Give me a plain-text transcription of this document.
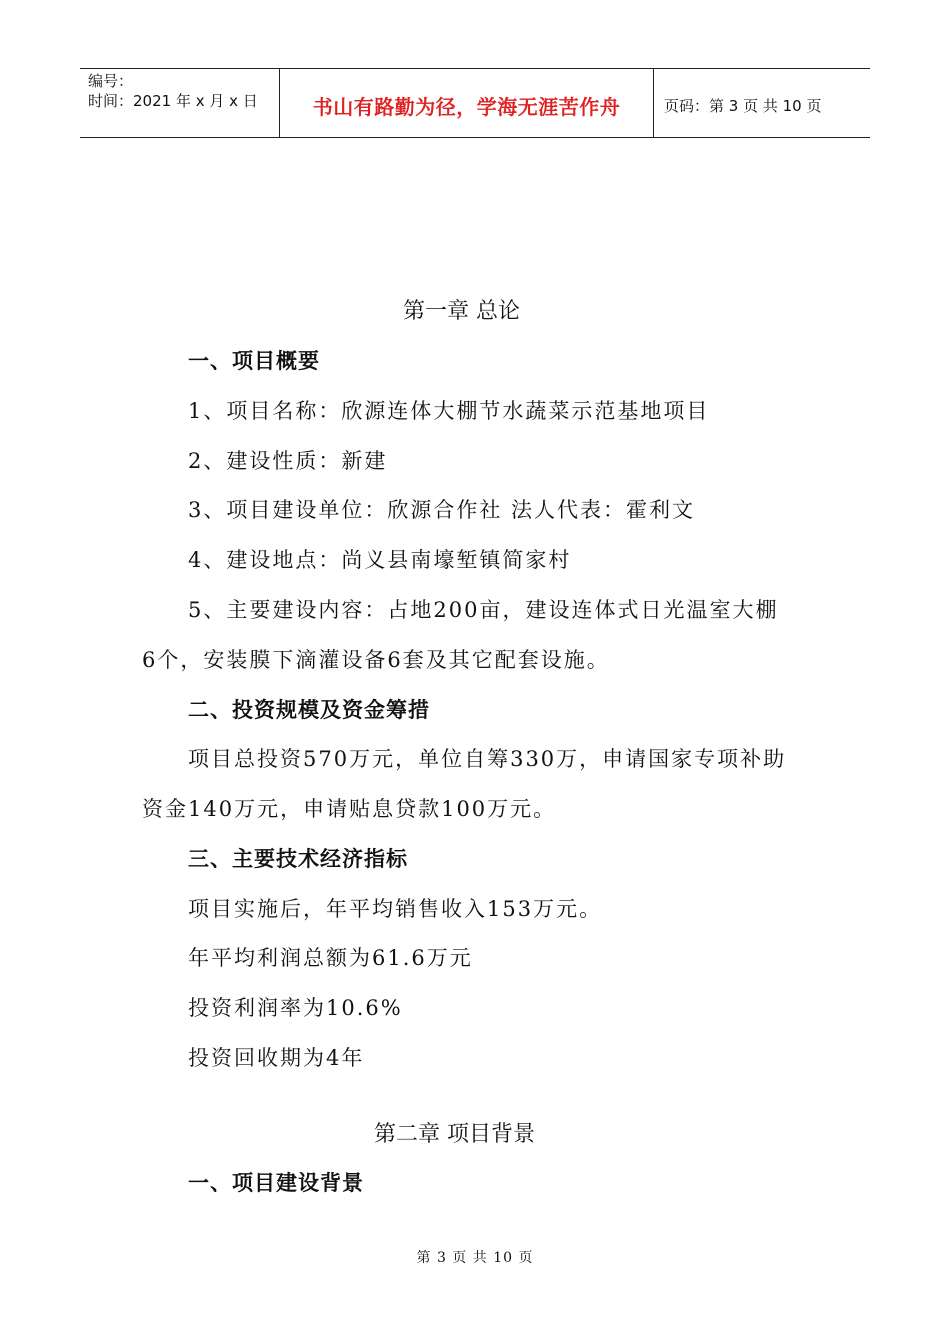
编号：
时间：2021 年 x 月 x 日	书山有路勤为径，学海无涯苦作舟	页码：第 3 页 共 10 页
第一章 总论
一、项目概要
1、项目名称：欣源连体大棚节水蔬菜示范基地项目
2、建设性质：新建
3、项目建设单位：欣源合作社 法人代表：霍利文
4、建设地点：尚义县南壕堑镇简家村
5、主要建设内容：占地200亩，建设连体式日光温室大棚
6个，安装膜下滴灌设备6套及其它配套设施。
二、投资规模及资金筹措
项目总投资570万元，单位自筹330万，申请国家专项补助
资金140万元，申请贴息贷款100万元。
三、主要技术经济指标
项目实施后，年平均销售收入153万元。
年平均利润总额为61.6万元
投资利润率为10.6%
投资回收期为4年
第二章 项目背景
一、项目建设背景
第 3 页 共 10 页
